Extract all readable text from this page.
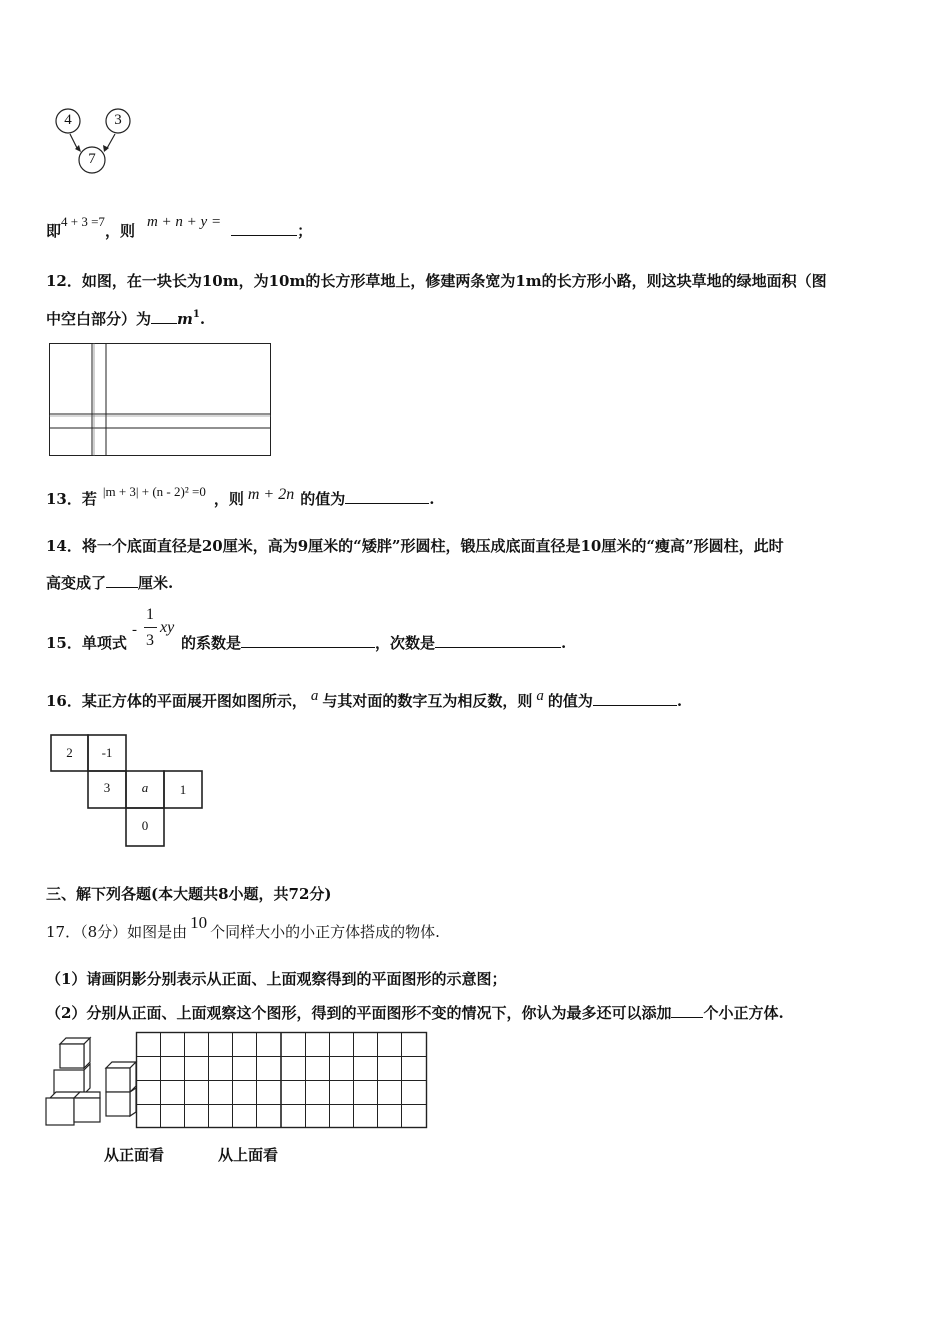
4	3
7
即4 + 3 =7，则 m + n + y =	；
12．如图，在一块长为10m，为10m的长方形草地上，修建两条宽为1m的长方形小路，则这块草地的绿地面积（图
中空白部分）为 $m^1$.
13．若 |m + 3| + (n - 2)² =0 ，则 m + 2n 的值为	.
14．将一个底面直径是20厘米，高为9厘米的“矮胖”形圆柱，锻压成底面直径是10厘米的“瘦高”形圆柱，此时
高变成了 厘米.
15．单项式
-
1
3
xy
的系数是	，次数是	.
16．某正方体的平面展开图如图所示， a 与其对面的数字互为相反数，则 a 的值为	.
2	-1
3	a	1
0
三、解下列各题(本大题共8小题，共72分)
17．（8分）如图是由 10 个同样大小的小正方体搭成的物体.
（1）请画阴影分别表示从正面、上面观察得到的平面图形的示意图；
（2）分别从正面、上面观察这个图形，得到的平面图形不变的情况下，你认为最多还可以添加 个小正方体.
从正面看	从上面看
